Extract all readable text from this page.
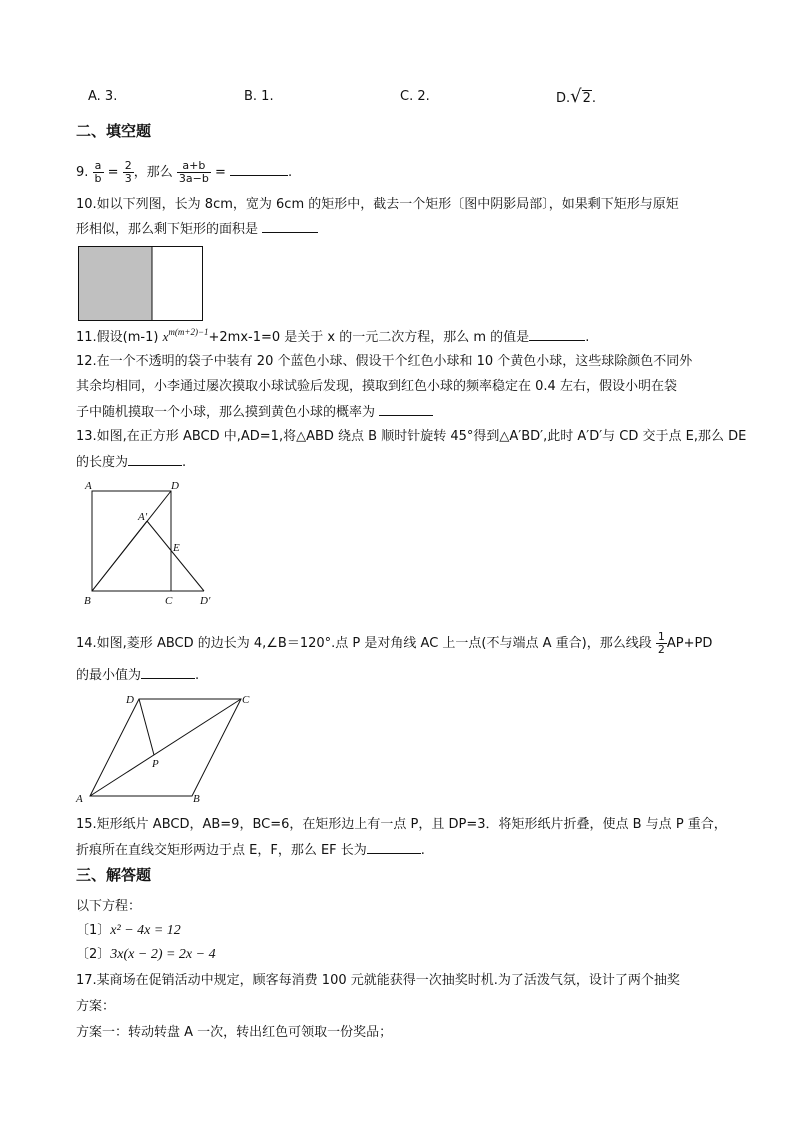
A. 3.	B. 1.	C. 2.	D.√2.
二、填空题
9. $\frac{a}{b} = \frac{2}{3}$ ，那么 $\frac{a+b}{3a-b}$ =	.
10.如以下列图，长为 8cm，宽为 6cm 的矩形中，截去一个矩形〔图中阴影局部〕，如果剩下矩形与原矩
形相似，那么剩下矩形的面积是
11.假设(m-1) $x^{m(m+2)-1}+2mx-1=0$ 是关于 x 的一元二次方程，那么 m 的值是	.
12.在一个不透明的袋子中装有 20 个蓝色小球、假设干个红色小球和 10 个黄色小球，这些球除颜色不同外
其余均相同，小李通过屡次摸取小球试验后发现，摸取到红色小球的频率稳定在 0.4 左右，假设小明在袋
子中随机摸取一个小球，那么摸到黄色小球的概率为
13.如图,在正方形 ABCD 中,AD=1,将△ABD 绕点 B 顺时针旋转 45°得到△A′BD′,此时 A′D′与 CD 交于点 E,那么 DE
的长度为	.
A	D
A′
E
B	C	D′
14.如图,菱形 ABCD 的边长为 4,∠B＝120°.点 P 是对角线 AC 上一点(不与端点 A 重合)，那么线段 $\frac{1}{2} AP+PD$
的最小值为	.
D	C
P
A	B
15.矩形纸片 ABCD，AB=9，BC=6，在矩形边上有一点 P，且 DP=3．将矩形纸片折叠，使点 B 与点 P 重合，
折痕所在直线交矩形两边于点 E，F，那么 EF 长为	.
三、解答题
以下方程：
〔1〕x² − 4x = 12
〔2〕3x(x − 2) = 2x − 4
17.某商场在促销活动中规定，顾客每消费 100 元就能获得一次抽奖时机.为了活泼气氛，设计了两个抽奖
方案：
方案一：转动转盘 A 一次，转出红色可领取一份奖品；
